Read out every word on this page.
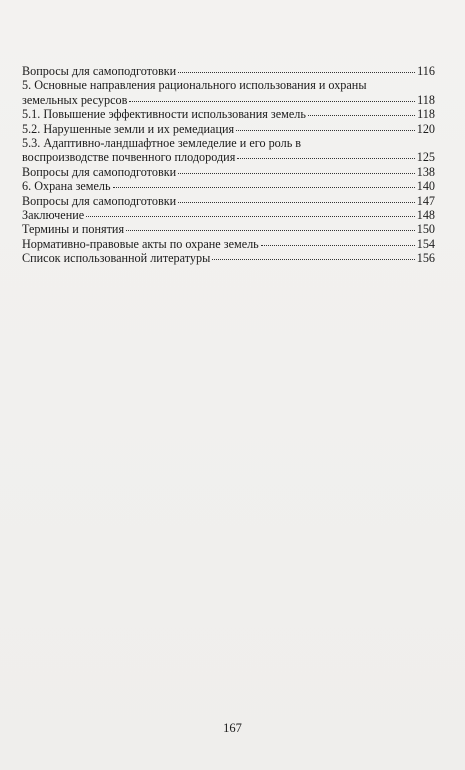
Вопросы для самоподготовки	116
5. Основные направления рационального использования и охраны
земельных ресурсов	118
5.1. Повышение эффективности использования земель	118
5.2. Нарушенные земли и их ремедиация	120
5.3. Адаптивно-ландшафтное земледелие и его роль в
воспроизводстве почвенного плодородия	125
Вопросы для самоподготовки	138
6. Охрана земель	140
Вопросы для самоподготовки	147
Заключение	148
Термины и понятия	150
Нормативно-правовые акты по охране земель	154
Список использованной литературы	156

167
